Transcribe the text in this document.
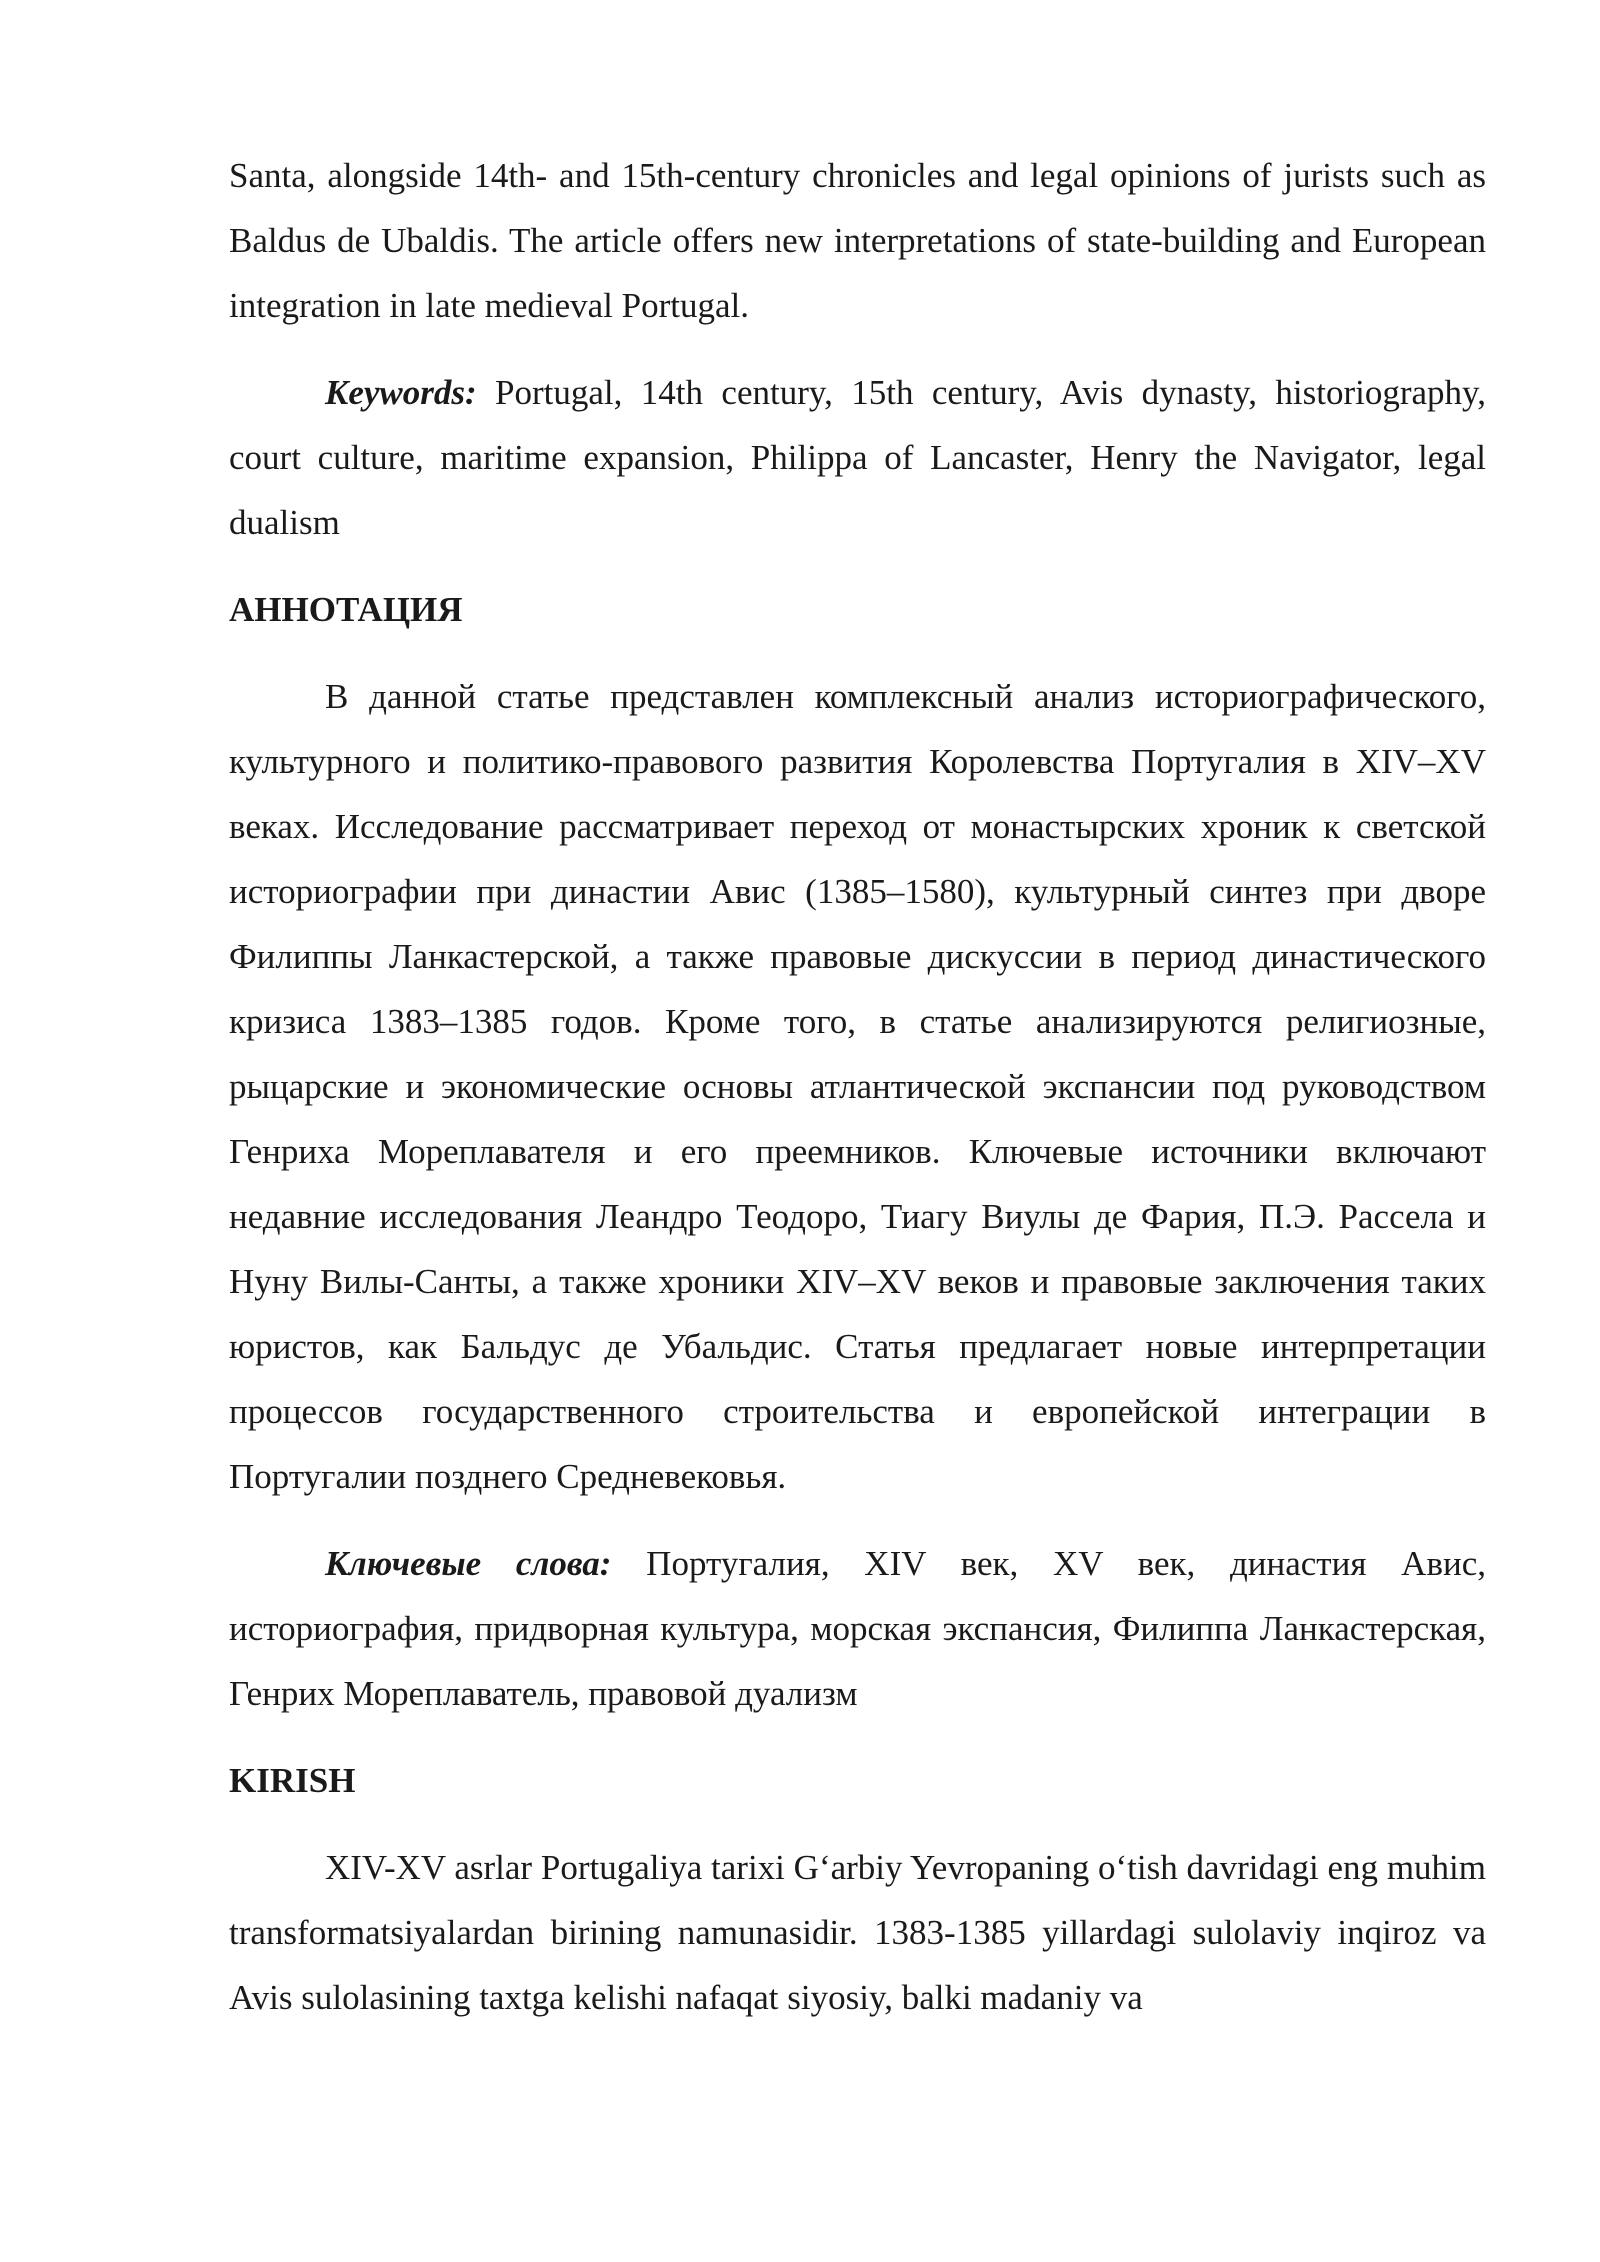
Santa, alongside 14th- and 15th-century chronicles and legal opinions of jurists such as Baldus de Ubaldis. The article offers new interpretations of state-building and European integration in late medieval Portugal.

Keywords: Portugal, 14th century, 15th century, Avis dynasty, historiography, court culture, maritime expansion, Philippa of Lancaster, Henry the Navigator, legal dualism

АННОТАЦИЯ

В данной статье представлен комплексный анализ историографического, культурного и политико-правового развития Королевства Португалия в XIV–XV веках. Исследование рассматривает переход от монастырских хроник к светской историографии при династии Авис (1385–1580), культурный синтез при дворе Филиппы Ланкастерской, а также правовые дискуссии в период династического кризиса 1383–1385 годов. Кроме того, в статье анализируются религиозные, рыцарские и экономические основы атлантической экспансии под руководством Генриха Мореплавателя и его преемников. Ключевые источники включают недавние исследования Леандро Теодоро, Тиагу Виулы де Фария, П.Э. Рассела и Нуну Вилы-Санты, а также хроники XIV–XV веков и правовые заключения таких юристов, как Бальдус де Убальдис. Статья предлагает новые интерпретации процессов государственного строительства и европейской интеграции в Португалии позднего Средневековья.

Ключевые слова: Португалия, XIV век, XV век, династия Авис, историография, придворная культура, морская экспансия, Филиппа Ланкастерская, Генрих Мореплаватель, правовой дуализм

KIRISH

XIV-XV asrlar Portugaliya tarixi G‘arbiy Yevropaning o‘tish davridagi eng muhim transformatsiyalardan birining namunasidir. 1383-1385 yillardagi sulolaviy inqiroz va Avis sulolasining taxtga kelishi nafaqat siyosiy, balki madaniy va
